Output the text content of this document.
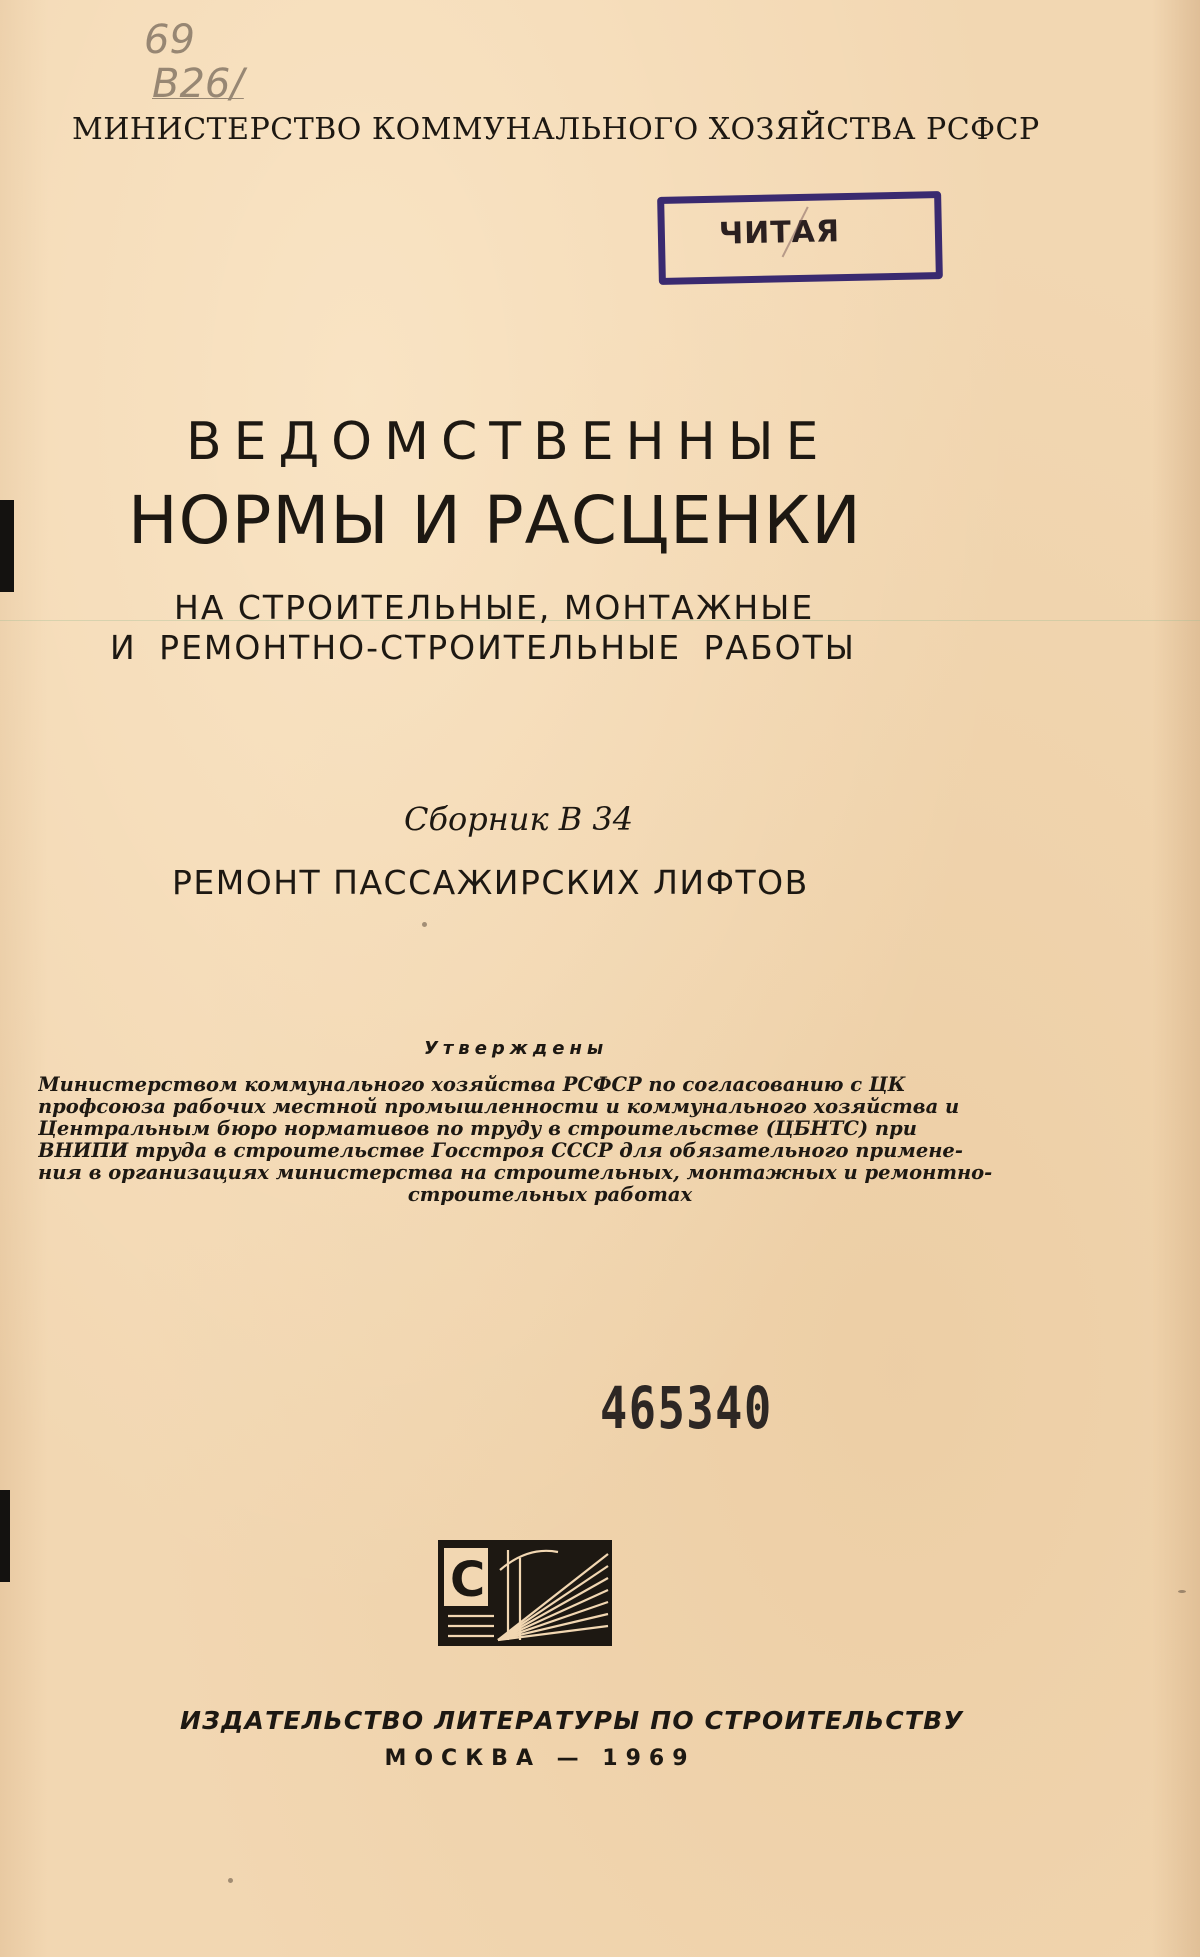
69
B26/
МИНИСТЕРСТВО КОММУНАЛЬНОГО ХОЗЯЙСТВА РСФСР
ЧИТАЯ
ВЕДОМСТВЕННЫЕ
НОРМЫ И РАСЦЕНКИ
НА СТРОИТЕЛЬНЫЕ, МОНТАЖНЫЕ
И РЕМОНТНО-СТРОИТЕЛЬНЫЕ РАБОТЫ
Сборник В 34
РЕМОНТ ПАССАЖИРСКИХ ЛИФТОВ
Утверждены
Министерством коммунального хозяйства РСФСР по согласованию с ЦК
профсоюза рабочих местной промышленности и коммунального хозяйства и
Центральным бюро нормативов по труду в строительстве (ЦБНТС) при
ВНИПИ труда в строительстве Госстроя СССР для обязательного примене-
ния в организациях министерства на строительных, монтажных и ремонтно-
строительных работах
465340
С
ИЗДАТЕЛЬСТВО ЛИТЕРАТУРЫ ПО СТРОИТЕЛЬСТВУ
МОСКВА — 1969
